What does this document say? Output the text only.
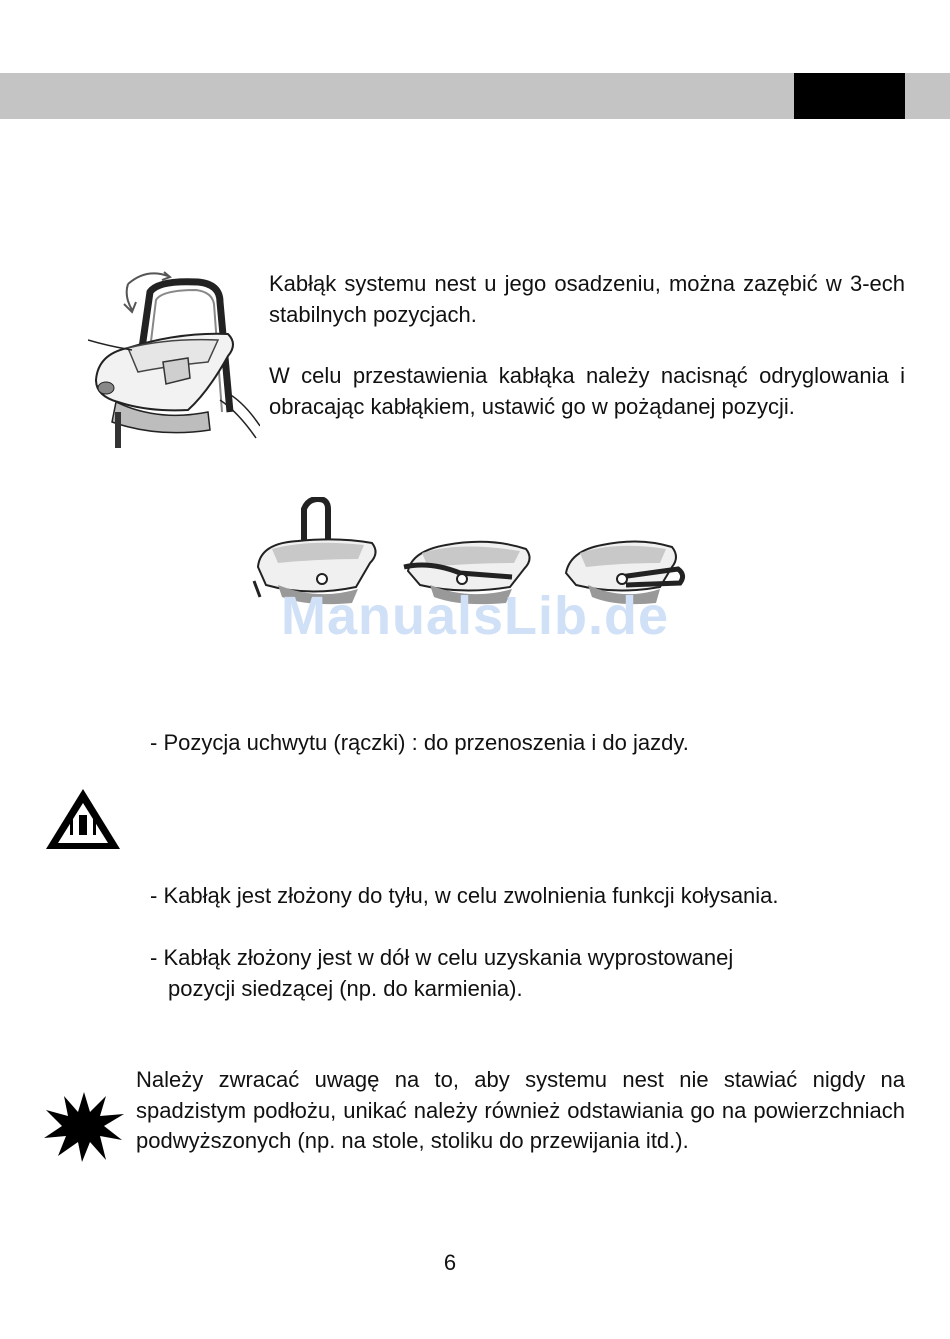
Kabłąk systemu nest u jego osadzeniu, można zazębić w 3-ech stabilnych pozycjach.

W celu przestawienia kabłąka należy nacisnąć odryglowania i obracając kabłąkiem, ustawić go w pożądanej pozycji.

ManualsLib.de

- Pozycja uchwytu (rączki) : do przenoszenia i do jazdy.

- Kabłąk jest złożony do tyłu, w celu zwolnienia funkcji kołysania.

- Kabłąk złożony jest w dół w celu uzyskania wyprostowanej

pozycji siedzącej (np. do karmienia).

Należy zwracać uwagę na to, aby systemu nest nie stawiać nigdy na spadzistym podłożu, unikać należy również odstawiania go na powierzchniach podwyższonych (np. na stole, stoliku do przewijania itd.).

6
